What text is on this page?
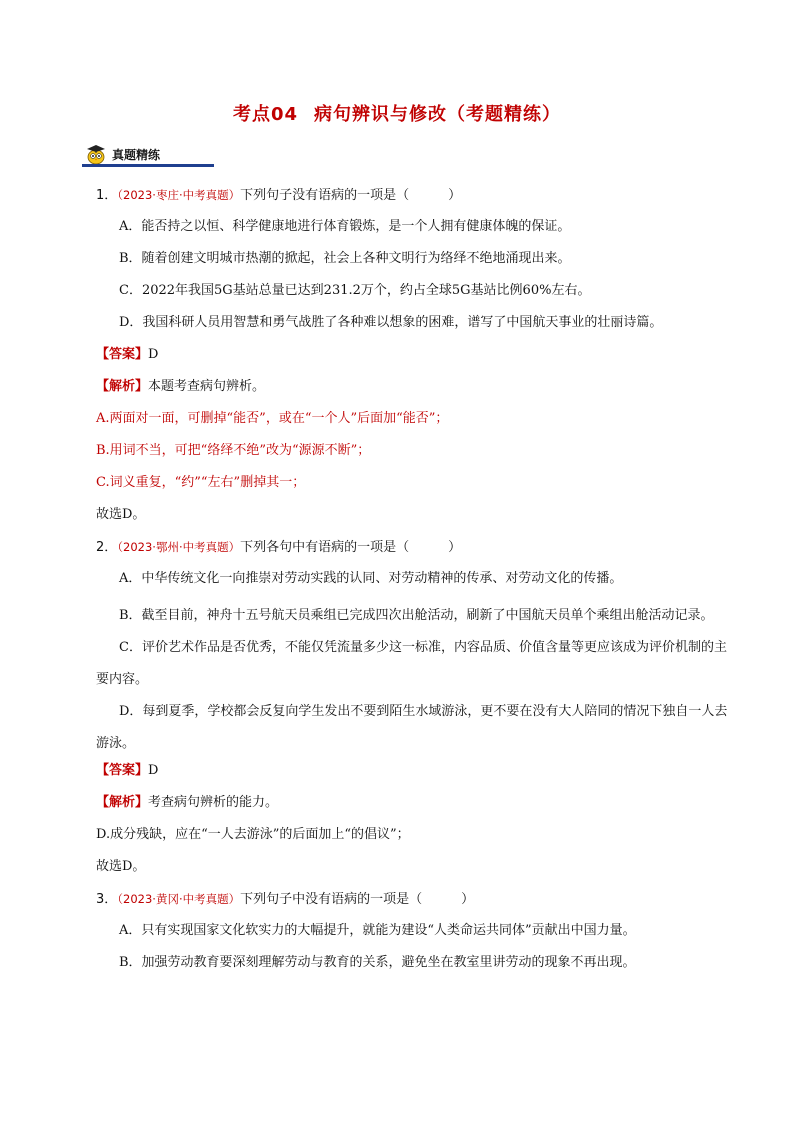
考点04 病句辨识与修改（考题精练）
真题精练
1．（2023·枣庄·中考真题）下列句子没有语病的一项是（　　　）
A．能否持之以恒、科学健康地进行体育锻炼，是一个人拥有健康体魄的保证。
B．随着创建文明城市热潮的掀起，社会上各种文明行为络绎不绝地涌现出来。
C．2022年我国5G基站总量已达到231.2万个，约占全球5G基站比例60%左右。
D．我国科研人员用智慧和勇气战胜了各种难以想象的困难，谱写了中国航天事业的壮丽诗篇。
【答案】D
【解析】本题考查病句辨析。
A.两面对一面，可删掉“能否”，或在“一个人”后面加“能否”；
B.用词不当，可把“络绎不绝”改为“源源不断”；
C.词义重复，“约”“左右”删掉其一；
故选D。
2．（2023·鄂州·中考真题）下列各句中有语病的一项是（　　　）
A．中华传统文化一向推崇对劳动实践的认同、对劳动精神的传承、对劳动文化的传播。
B．截至目前，神舟十五号航天员乘组已完成四次出舱活动，刷新了中国航天员单个乘组出舱活动记录。
C．评价艺术作品是否优秀，不能仅凭流量多少这一标准，内容品质、价值含量等更应该成为评价机制的主要内容。
D．每到夏季，学校都会反复向学生发出不要到陌生水域游泳，更不要在没有大人陪同的情况下独自一人去游泳。
【答案】D
【解析】考查病句辨析的能力。
D.成分残缺，应在“一人去游泳”的后面加上“的倡议”；
故选D。
3．（2023·黄冈·中考真题）下列句子中没有语病的一项是（　　　）
A．只有实现国家文化软实力的大幅提升，就能为建设“人类命运共同体”贡献出中国力量。
B．加强劳动教育要深刻理解劳动与教育的关系，避免坐在教室里讲劳动的现象不再出现。
